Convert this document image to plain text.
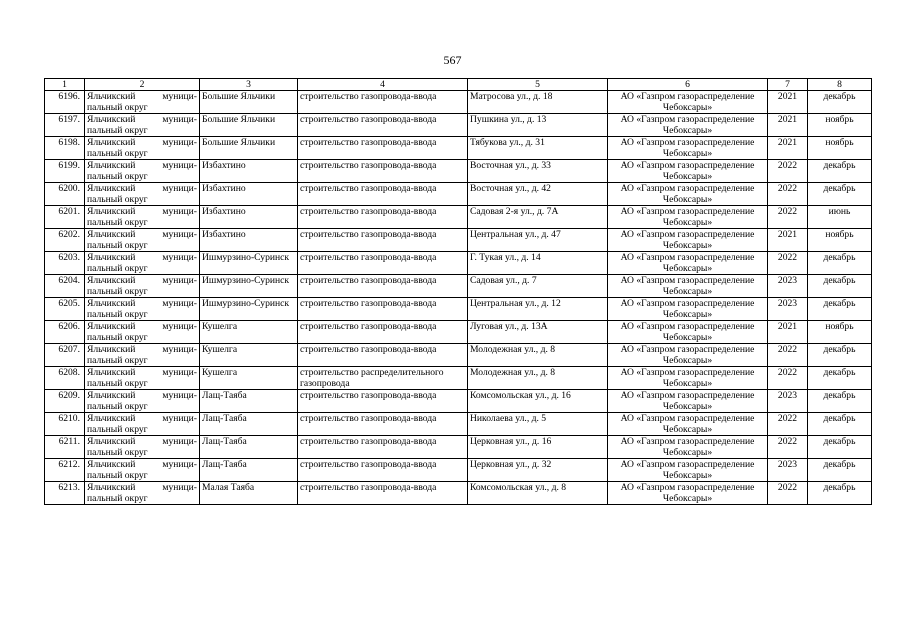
567
1	2	3	4	5	6	7	8
6196.	Яльчикский муници-пальный округ	Большие Яльчики	строительство газопровода-ввода	Матросова ул., д. 18	АО «Газпром газораспределение Чебоксары»	2021	декабрь
6197.	Яльчикский муници-пальный округ	Большие Яльчики	строительство газопровода-ввода	Пушкина ул., д. 13	АО «Газпром газораспределение Чебоксары»	2021	ноябрь
6198.	Яльчикский муници-пальный округ	Большие Яльчики	строительство газопровода-ввода	Тябукова ул., д. 31	АО «Газпром газораспределение Чебоксары»	2021	ноябрь
6199.	Яльчикский муници-пальный округ	Избахтино	строительство газопровода-ввода	Восточная ул., д. 33	АО «Газпром газораспределение Чебоксары»	2022	декабрь
6200.	Яльчикский муници-пальный округ	Избахтино	строительство газопровода-ввода	Восточная ул., д. 42	АО «Газпром газораспределение Чебоксары»	2022	декабрь
6201.	Яльчикский муници-пальный округ	Избахтино	строительство газопровода-ввода	Садовая 2-я ул., д. 7А	АО «Газпром газораспределение Чебоксары»	2022	июнь
6202.	Яльчикский муници-пальный округ	Избахтино	строительство газопровода-ввода	Центральная ул., д. 47	АО «Газпром газораспределение Чебоксары»	2021	ноябрь
6203.	Яльчикский муници-пальный округ	Ишмурзино-Суринск	строительство газопровода-ввода	Г. Тукая ул., д. 14	АО «Газпром газораспределение Чебоксары»	2022	декабрь
6204.	Яльчикский муници-пальный округ	Ишмурзино-Суринск	строительство газопровода-ввода	Садовая ул., д. 7	АО «Газпром газораспределение Чебоксары»	2023	декабрь
6205.	Яльчикский муници-пальный округ	Ишмурзино-Суринск	строительство газопровода-ввода	Центральная ул., д. 12	АО «Газпром газораспределение Чебоксары»	2023	декабрь
6206.	Яльчикский муници-пальный округ	Кушелга	строительство газопровода-ввода	Луговая ул., д. 13А	АО «Газпром газораспределение Чебоксары»	2021	ноябрь
6207.	Яльчикский муници-пальный округ	Кушелга	строительство газопровода-ввода	Молодежная ул., д. 8	АО «Газпром газораспределение Чебоксары»	2022	декабрь
6208.	Яльчикский муници-пальный округ	Кушелга	строительство распределительного газопровода	Молодежная ул., д. 8	АО «Газпром газораспределение Чебоксары»	2022	декабрь
6209.	Яльчикский муници-пальный округ	Лащ-Таяба	строительство газопровода-ввода	Комсомольская ул., д. 16	АО «Газпром газораспределение Чебоксары»	2023	декабрь
6210.	Яльчикский муници-пальный округ	Лащ-Таяба	строительство газопровода-ввода	Николаева ул., д. 5	АО «Газпром газораспределение Чебоксары»	2022	декабрь
6211.	Яльчикский муници-пальный округ	Лащ-Таяба	строительство газопровода-ввода	Церковная ул., д. 16	АО «Газпром газораспределение Чебоксары»	2022	декабрь
6212.	Яльчикский муници-пальный округ	Лащ-Таяба	строительство газопровода-ввода	Церковная ул., д. 32	АО «Газпром газораспределение Чебоксары»	2023	декабрь
6213.	Яльчикский муници-пальный округ	Малая Таяба	строительство газопровода-ввода	Комсомольская ул., д. 8	АО «Газпром газораспределение Чебоксары»	2022	декабрь
